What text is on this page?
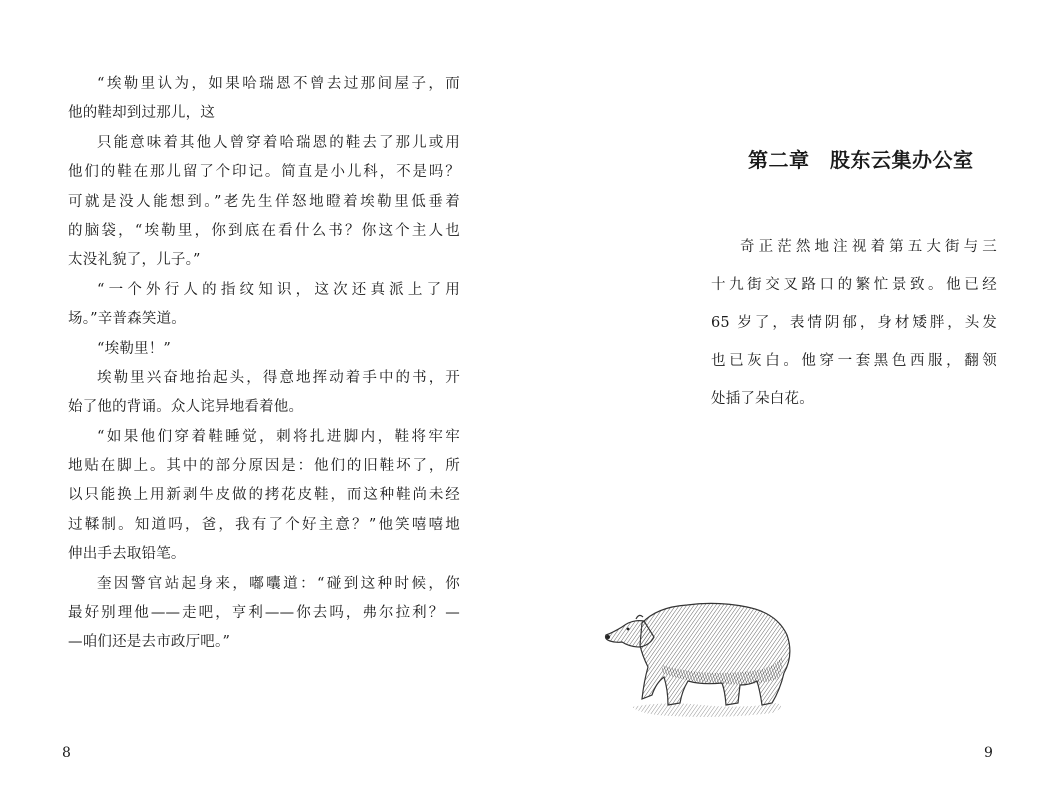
“埃勒里认为，如果哈瑞恩不曾去过那间屋子，而
他的鞋却到过那儿，这
只能意味着其他人曾穿着哈瑞恩的鞋去了那儿或用
他们的鞋在那儿留了个印记。简直是小儿科，不是吗？
可就是没人能想到。”老先生佯怒地瞪着埃勒里低垂着
的脑袋，“埃勒里，你到底在看什么书？你这个主人也
太没礼貌了，儿子。”
“一个外行人的指纹知识，这次还真派上了用
场。”辛普森笑道。
“埃勒里！”
埃勒里兴奋地抬起头，得意地挥动着手中的书，开
始了他的背诵。众人诧异地看着他。
“如果他们穿着鞋睡觉，刺将扎进脚内，鞋将牢牢
地贴在脚上。其中的部分原因是：他们的旧鞋坏了，所
以只能换上用新剥牛皮做的拷花皮鞋，而这种鞋尚未经
过鞣制。知道吗，爸，我有了个好主意？”他笑嘻嘻地
伸出手去取铅笔。
奎因警官站起身来，嘟囔道：“碰到这种时候，你
最好别理他——走吧，亨利——你去吗，弗尔拉利？—
—咱们还是去市政厅吧。”
8
第二章　股东云集办公室
奇正茫然地注视着第五大街与三
十九街交叉路口的繁忙景致。他已经
65 岁了，表情阴郁，身材矮胖，头发
也已灰白。他穿一套黑色西服，翻领
处插了朵白花。
9
